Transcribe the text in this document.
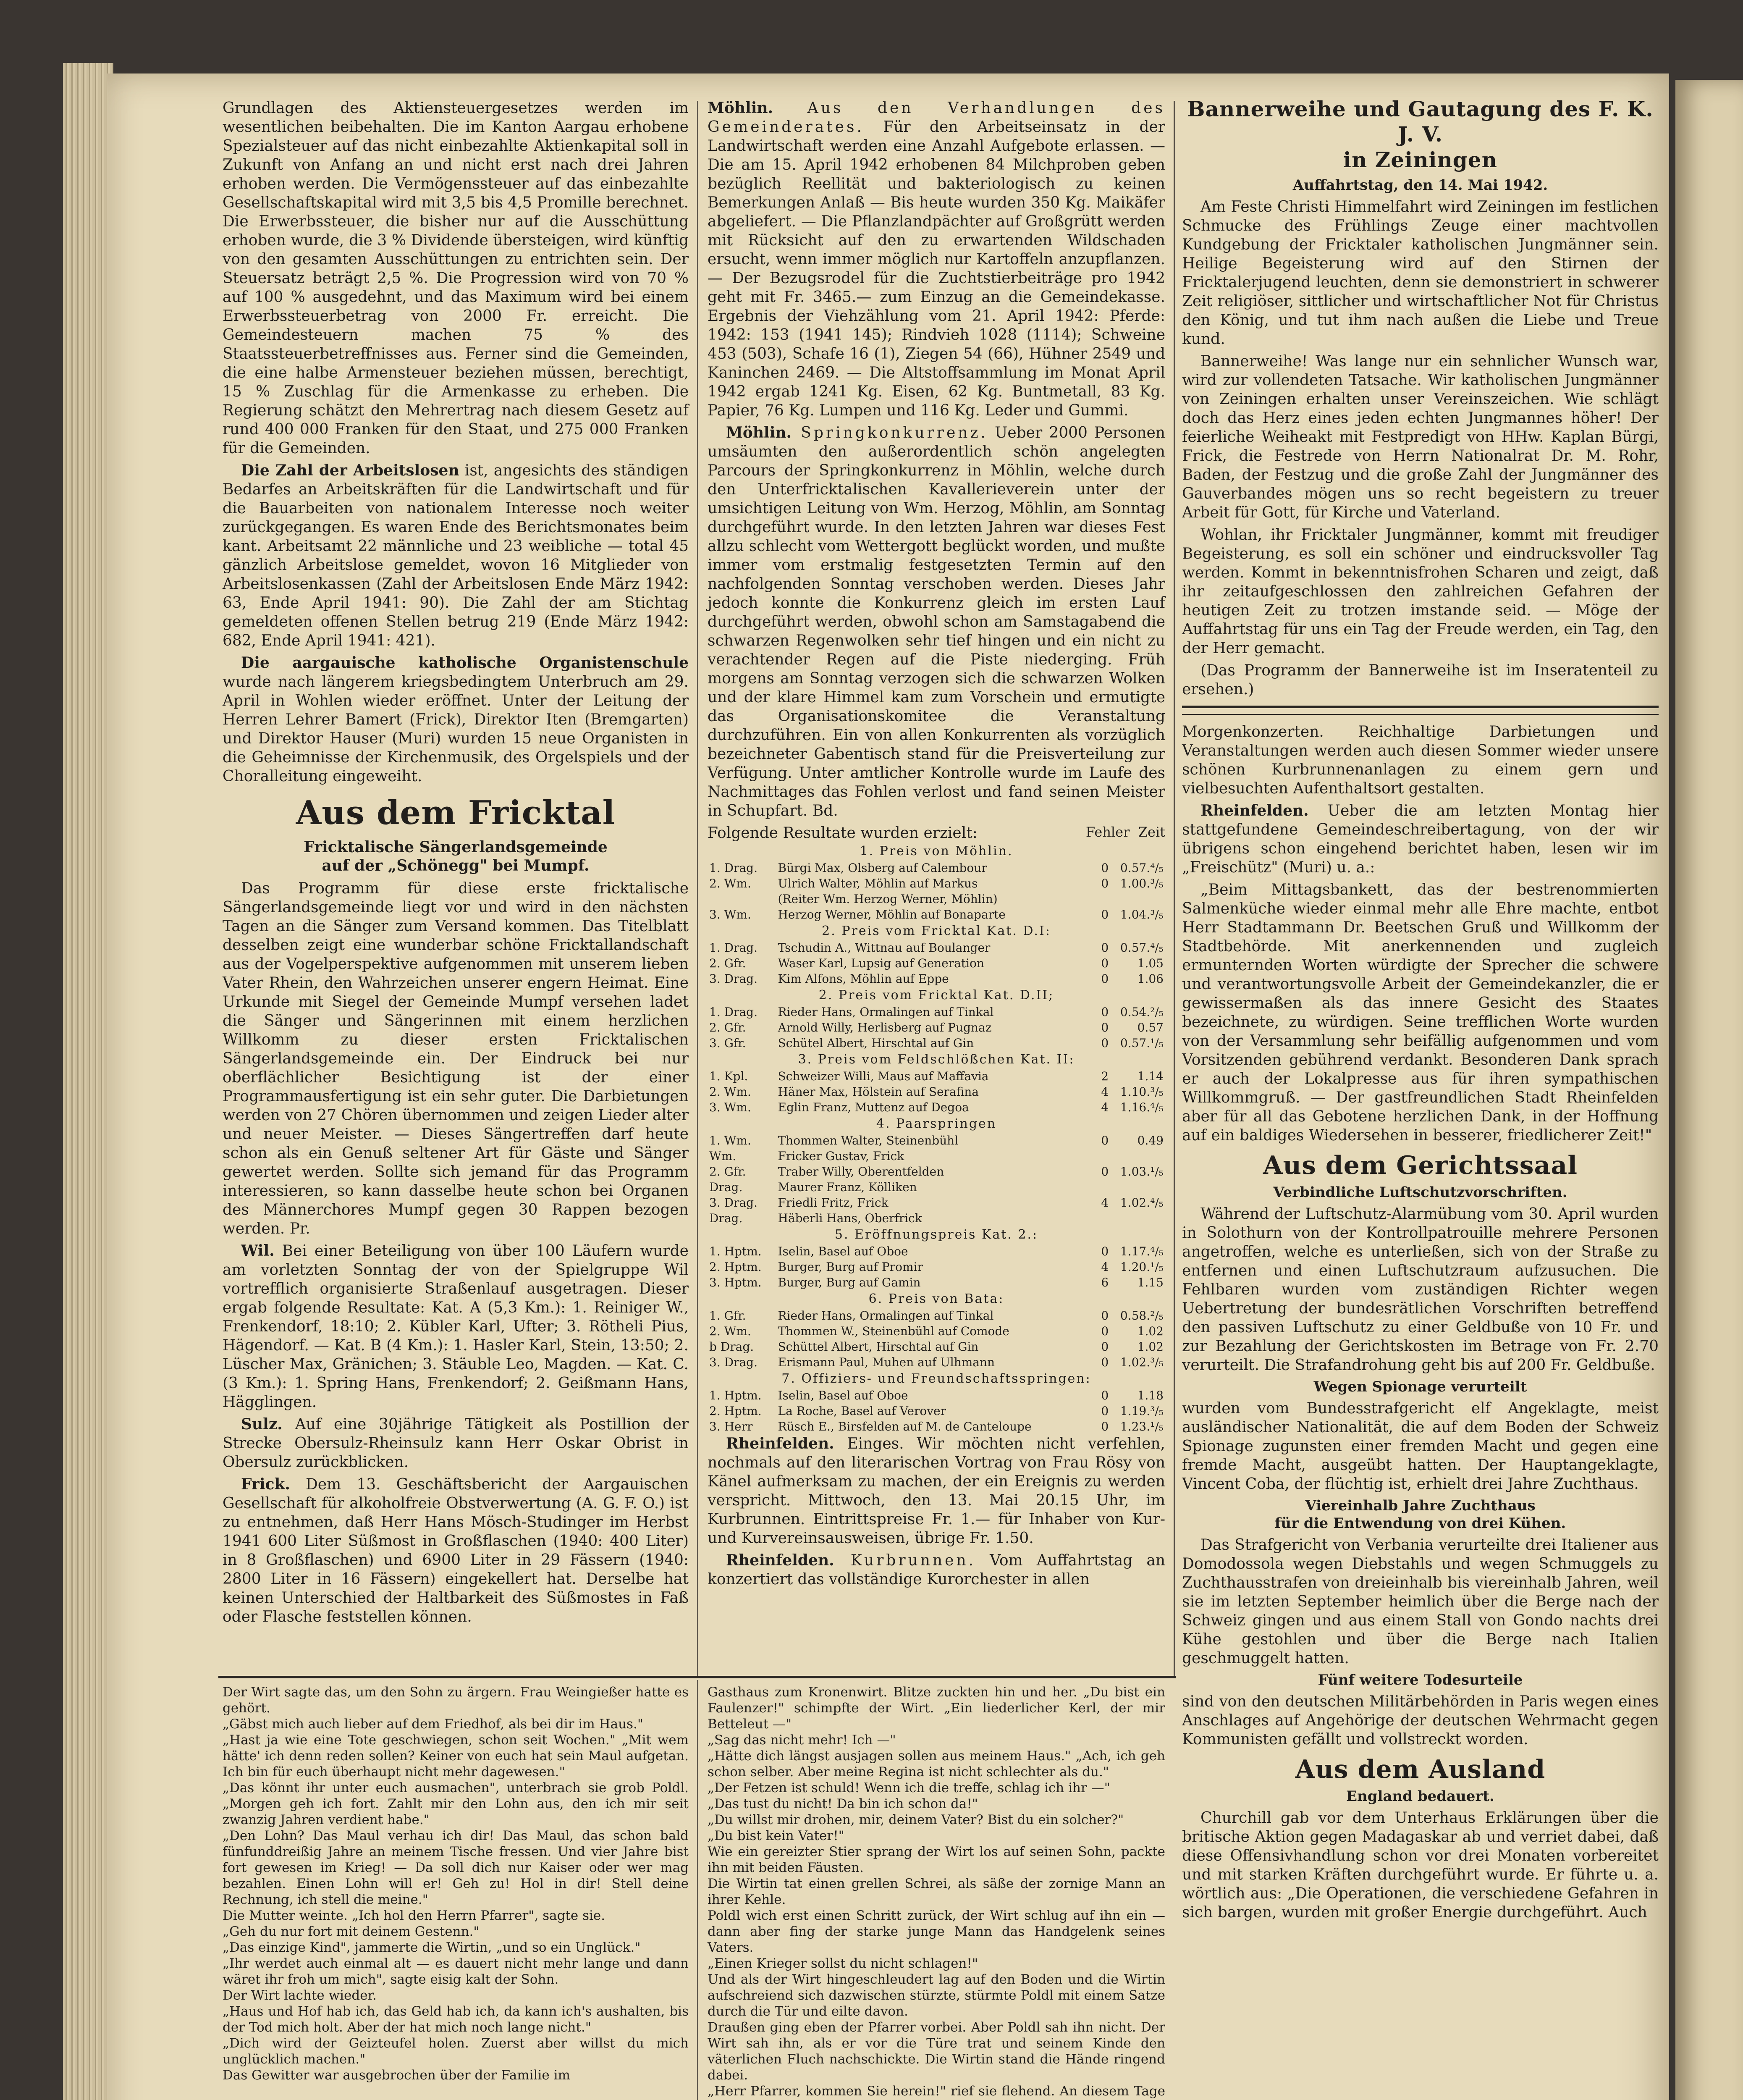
Grundlagen des Aktiensteuergesetzes werden im wesentlichen beibehalten. Die im Kanton Aargau erhobene Spezialsteuer auf das nicht einbezahlte Aktienkapital soll in Zukunft von Anfang an und nicht erst nach drei Jahren erhoben werden. Die Vermögenssteuer auf das einbezahlte Gesellschaftskapital wird mit 3,5 bis 4,5 Promille berechnet. Die Erwerbssteuer, die bisher nur auf die Ausschüttung erhoben wurde, die 3 % Dividende übersteigen, wird künftig von den gesamten Ausschüttungen zu entrichten sein. Der Steuersatz beträgt 2,5 %. Die Progression wird von 70 % auf 100 % ausgedehnt, und das Maximum wird bei einem Erwerbssteuerbetrag von 2000 Fr. erreicht. Die Gemeindesteuern machen 75 % des Staatssteuerbetreffnisses aus. Ferner sind die Gemeinden, die eine halbe Armensteuer beziehen müssen, berechtigt, 15 % Zuschlag für die Armenkasse zu erheben. Die Regierung schätzt den Mehrertrag nach diesem Gesetz auf rund 400 000 Franken für den Staat, und 275 000 Franken für die Gemeinden.

Die Zahl der Arbeitslosen ist, angesichts des ständigen Bedarfes an Arbeitskräften für die Landwirtschaft und für die Bauarbeiten von nationalem Interesse noch weiter zurückgegangen. Es waren Ende des Berichtsmonates beim kant. Arbeitsamt 22 männliche und 23 weibliche — total 45 gänzlich Arbeitslose gemeldet, wovon 16 Mitglieder von Arbeitslosenkassen (Zahl der Arbeitslosen Ende März 1942: 63, Ende April 1941: 90). Die Zahl der am Stichtag gemeldeten offenen Stellen betrug 219 (Ende März 1942: 682, Ende April 1941: 421).

Die aargauische katholische Organistenschule wurde nach längerem kriegsbedingtem Unterbruch am 29. April in Wohlen wieder eröffnet. Unter der Leitung der Herren Lehrer Bamert (Frick), Direktor Iten (Bremgarten) und Direktor Hauser (Muri) wurden 15 neue Organisten in die Geheimnisse der Kirchenmusik, des Orgelspiels und der Choralleitung eingeweiht.

Aus dem Fricktal
Fricktalische Sängerlandsgemeinde
auf der „Schönegg" bei Mumpf.

Das Programm für diese erste fricktalische Sängerlandsgemeinde liegt vor und wird in den nächsten Tagen an die Sänger zum Versand kommen. Das Titelblatt desselben zeigt eine wunderbar schöne Fricktallandschaft aus der Vogelperspektive aufgenommen mit unserem lieben Vater Rhein, den Wahrzeichen unserer engern Heimat. Eine Urkunde mit Siegel der Gemeinde Mumpf versehen ladet die Sänger und Sängerinnen mit einem herzlichen Willkomm zu dieser ersten Fricktalischen Sängerlandsgemeinde ein. Der Eindruck bei nur oberflächlicher Besichtigung ist der einer Programmausfertigung ist ein sehr guter. Die Darbietungen werden von 27 Chören übernommen und zeigen Lieder alter und neuer Meister. — Dieses Sängertreffen darf heute schon als ein Genuß seltener Art für Gäste und Sänger gewertet werden. Sollte sich jemand für das Programm interessieren, so kann dasselbe heute schon bei Organen des Männerchores Mumpf gegen 30 Rappen bezogen werden. Pr.

Wil. Bei einer Beteiligung von über 100 Läufern wurde am vorletzten Sonntag der von der Spielgruppe Wil vortrefflich organisierte Straßenlauf ausgetragen. Dieser ergab folgende Resultate: Kat. A (5,3 Km.): 1. Reiniger W., Frenkendorf, 18:10; 2. Kübler Karl, Ufter; 3. Rötheli Pius, Hägendorf. — Kat. B (4 Km.): 1. Hasler Karl, Stein, 13:50; 2. Lüscher Max, Gränichen; 3. Stäuble Leo, Magden. — Kat. C. (3 Km.): 1. Spring Hans, Frenkendorf; 2. Geißmann Hans, Hägglingen.

Sulz. Auf eine 30jährige Tätigkeit als Postillion der Strecke Obersulz-Rheinsulz kann Herr Oskar Obrist in Obersulz zurückblicken.

Frick. Dem 13. Geschäftsbericht der Aargauischen Gesellschaft für alkoholfreie Obstverwertung (A. G. F. O.) ist zu entnehmen, daß Herr Hans Mösch-Studinger im Herbst 1941 600 Liter Süßmost in Großflaschen (1940: 400 Liter) in 8 Großflaschen) und 6900 Liter in 29 Fässern (1940: 2800 Liter in 16 Fässern) eingekellert hat. Derselbe hat keinen Unterschied der Haltbarkeit des Süßmostes in Faß oder Flasche feststellen können.

Möhlin. Aus den Verhandlungen des Gemeinderates. Für den Arbeitseinsatz in der Landwirtschaft werden eine Anzahl Aufgebote erlassen. — Die am 15. April 1942 erhobenen 84 Milchproben geben bezüglich Reellität und bakteriologisch zu keinen Bemerkungen Anlaß — Bis heute wurden 350 Kg. Maikäfer abgeliefert. — Die Pflanzlandpächter auf Großgrütt werden mit Rücksicht auf den zu erwartenden Wildschaden ersucht, wenn immer möglich nur Kartoffeln anzupflanzen. — Der Bezugsrodel für die Zuchtstierbeiträge pro 1942 geht mit Fr. 3465.— zum Einzug an die Gemeindekasse. Ergebnis der Viehzählung vom 21. April 1942: Pferde: 1942: 153 (1941 145); Rindvieh 1028 (1114); Schweine 453 (503), Schafe 16 (1), Ziegen 54 (66), Hühner 2549 und Kaninchen 2469. — Die Altstoffsammlung im Monat April 1942 ergab 1241 Kg. Eisen, 62 Kg. Buntmetall, 83 Kg. Papier, 76 Kg. Lumpen und 116 Kg. Leder und Gummi.

Möhlin. Springkonkurrenz. Ueber 2000 Personen umsäumten den außerordentlich schön angelegten Parcours der Springkonkurrenz in Möhlin, welche durch den Unterfricktalischen Kavallerieverein unter der umsichtigen Leitung von Wm. Herzog, Möhlin, am Sonntag durchgeführt wurde. In den letzten Jahren war dieses Fest allzu schlecht vom Wettergott beglückt worden, und mußte immer vom erstmalig festgesetzten Termin auf den nachfolgenden Sonntag verschoben werden. Dieses Jahr jedoch konnte die Konkurrenz gleich im ersten Lauf durchgeführt werden, obwohl schon am Samstagabend die schwarzen Regenwolken sehr tief hingen und ein nicht zu verachtender Regen auf die Piste niederging. Früh morgens am Sonntag verzogen sich die schwarzen Wolken und der klare Himmel kam zum Vorschein und ermutigte das Organisationskomitee die Veranstaltung durchzuführen. Ein von allen Konkurrenten als vorzüglich bezeichneter Gabentisch stand für die Preisverteilung zur Verfügung. Unter amtlicher Kontrolle wurde im Laufe des Nachmittages das Fohlen verlost und fand seinen Meister in Schupfart. Bd.

Folgende Resultate wurden erzielt:	Fehler Zeit
1. Preis von Möhlin.
1. Drag.	Bürgi Max, Olsberg auf Calembour	0	0.57.⁴/₅
2. Wm.	Ulrich Walter, Möhlin auf Markus	0	1.00.³/₅
	(Reiter Wm. Herzog Werner, Möhlin)		
3. Wm.	Herzog Werner, Möhlin auf Bonaparte	0	1.04.³/₅
2. Preis vom Fricktal Kat. D.I:
1. Drag.	Tschudin A., Wittnau auf Boulanger	0	0.57.⁴/₅
2. Gfr.	Waser Karl, Lupsig auf Generation	0	1.05
3. Drag.	Kim Alfons, Möhlin auf Eppe	0	1.06
2. Preis vom Fricktal Kat. D.II;
1. Drag.	Rieder Hans, Ormalingen auf Tinkal	0	0.54.²/₅
2. Gfr.	Arnold Willy, Herlisberg auf Pugnaz	0	0.57
3. Gfr.	Schütel Albert, Hirschtal auf Gin	0	0.57.¹/₅
3. Preis vom Feldschlößchen Kat. II:
1. Kpl.	Schweizer Willi, Maus auf Maffavia	2	1.14
2. Wm.	Häner Max, Hölstein auf Serafina	4	1.10.³/₅
3. Wm.	Eglin Franz, Muttenz auf Degoa	4	1.16.⁴/₅
4. Paarspringen
1. Wm.	Thommen Walter, Steinenbühl	0	0.49
Wm.	Fricker Gustav, Frick		
2. Gfr.	Traber Willy, Oberentfelden	0	1.03.¹/₅
Drag.	Maurer Franz, Kölliken		
3. Drag.	Friedli Fritz, Frick	4	1.02.⁴/₅
Drag.	Häberli Hans, Oberfrick		
5. Eröffnungspreis Kat. 2.:
1. Hptm.	Iselin, Basel auf Oboe	0	1.17.⁴/₅
2. Hptm.	Burger, Burg auf Promir	4	1.20.¹/₅
3. Hptm.	Burger, Burg auf Gamin	6	1.15
6. Preis von Bata:
1. Gfr.	Rieder Hans, Ormalingen auf Tinkal	0	0.58.²/₅
2. Wm.	Thommen W., Steinenbühl auf Comode	0	1.02
b Drag.	Schüttel Albert, Hirschtal auf Gin	0	1.02
3. Drag.	Erismann Paul, Muhen auf Ulhmann	0	1.02.³/₅
7. Offiziers- und Freundschaftsspringen:
1. Hptm.	Iselin, Basel auf Oboe	0	1.18
2. Hptm.	La Roche, Basel auf Verover	0	1.19.³/₅
3. Herr	Rüsch E., Birsfelden auf M. de Canteloupe	0	1.23.¹/₅

Rheinfelden. Einges. Wir möchten nicht verfehlen, nochmals auf den literarischen Vortrag von Frau Rösy von Känel aufmerksam zu machen, der ein Ereignis zu werden verspricht. Mittwoch, den 13. Mai 20.15 Uhr, im Kurbrunnen. Eintrittspreise Fr. 1.— für Inhaber von Kur- und Kurvereinsausweisen, übrige Fr. 1.50.

Rheinfelden. Kurbrunnen. Vom Auffahrtstag an konzertiert das vollständige Kurorchester in allen

Bannerweihe und Gautagung des F. K. J. V.
in Zeiningen
Auffahrtstag, den 14. Mai 1942.

Am Feste Christi Himmelfahrt wird Zeiningen im festlichen Schmucke des Frühlings Zeuge einer machtvollen Kundgebung der Fricktaler katholischen Jungmänner sein. Heilige Begeisterung wird auf den Stirnen der Fricktalerjugend leuchten, denn sie demonstriert in schwerer Zeit religiöser, sittlicher und wirtschaftlicher Not für Christus den König, und tut ihm nach außen die Liebe und Treue kund.

Bannerweihe! Was lange nur ein sehnlicher Wunsch war, wird zur vollendeten Tatsache. Wir katholischen Jungmänner von Zeiningen erhalten unser Vereinszeichen. Wie schlägt doch das Herz eines jeden echten Jungmannes höher! Der feierliche Weiheakt mit Festpredigt von HHw. Kaplan Bürgi, Frick, die Festrede von Herrn Nationalrat Dr. M. Rohr, Baden, der Festzug und die große Zahl der Jungmänner des Gauverbandes mögen uns so recht begeistern zu treuer Arbeit für Gott, für Kirche und Vaterland.

Wohlan, ihr Fricktaler Jungmänner, kommt mit freudiger Begeisterung, es soll ein schöner und eindrucksvoller Tag werden. Kommt in bekenntnisfrohen Scharen und zeigt, daß ihr zeitaufgeschlossen den zahlreichen Gefahren der heutigen Zeit zu trotzen imstande seid. — Möge der Auffahrtstag für uns ein Tag der Freude werden, ein Tag, den der Herr gemacht.

(Das Programm der Bannerweihe ist im Inseratenteil zu ersehen.)

Morgenkonzerten. Reichhaltige Darbietungen und Veranstaltungen werden auch diesen Sommer wieder unsere schönen Kurbrunnenanlagen zu einem gern und vielbesuchten Aufenthaltsort gestalten.

Rheinfelden. Ueber die am letzten Montag hier stattgefundene Gemeindeschreibertagung, von der wir übrigens schon eingehend berichtet haben, lesen wir im „Freischütz" (Muri) u. a.:

„Beim Mittagsbankett, das der bestrenommierten Salmenküche wieder einmal mehr alle Ehre machte, entbot Herr Stadtammann Dr. Beetschen Gruß und Willkomm der Stadtbehörde. Mit anerkennenden und zugleich ermunternden Worten würdigte der Sprecher die schwere und verantwortungsvolle Arbeit der Gemeindekanzler, die er gewissermaßen als das innere Gesicht des Staates bezeichnete, zu würdigen. Seine trefflichen Worte wurden von der Versammlung sehr beifällig aufgenommen und vom Vorsitzenden gebührend verdankt. Besonderen Dank sprach er auch der Lokalpresse aus für ihren sympathischen Willkommgruß. — Der gastfreundlichen Stadt Rheinfelden aber für all das Gebotene herzlichen Dank, in der Hoffnung auf ein baldiges Wiedersehen in besserer, friedlicherer Zeit!"

Aus dem Gerichtssaal
Verbindliche Luftschutzvorschriften.

Während der Luftschutz-Alarmübung vom 30. April wurden in Solothurn von der Kontrollpatrouille mehrere Personen angetroffen, welche es unterließen, sich von der Straße zu entfernen und einen Luftschutzraum aufzusuchen. Die Fehlbaren wurden vom zuständigen Richter wegen Uebertretung der bundesrätlichen Vorschriften betreffend den passiven Luftschutz zu einer Geldbuße von 10 Fr. und zur Bezahlung der Gerichtskosten im Betrage von Fr. 2.70 verurteilt. Die Strafandrohung geht bis auf 200 Fr. Geldbuße.

Wegen Spionage verurteilt

wurden vom Bundesstrafgericht elf Angeklagte, meist ausländischer Nationalität, die auf dem Boden der Schweiz Spionage zugunsten einer fremden Macht und gegen eine fremde Macht, ausgeübt hatten. Der Hauptangeklagte, Vincent Coba, der flüchtig ist, erhielt drei Jahre Zuchthaus.

Viereinhalb Jahre Zuchthaus
für die Entwendung von drei Kühen.

Das Strafgericht von Verbania verurteilte drei Italiener aus Domodossola wegen Diebstahls und wegen Schmuggels zu Zuchthausstrafen von dreieinhalb bis viereinhalb Jahren, weil sie im letzten September heimlich über die Berge nach der Schweiz gingen und aus einem Stall von Gondo nachts drei Kühe gestohlen und über die Berge nach Italien geschmuggelt hatten.

Fünf weitere Todesurteile

sind von den deutschen Militärbehörden in Paris wegen eines Anschlages auf Angehörige der deutschen Wehrmacht gegen Kommunisten gefällt und vollstreckt worden.

Aus dem Ausland
England bedauert.

Churchill gab vor dem Unterhaus Erklärungen über die britische Aktion gegen Madagaskar ab und verriet dabei, daß diese Offensivhandlung schon vor drei Monaten vorbereitet und mit starken Kräften durchgeführt wurde. Er führte u. a. wörtlich aus: „Die Operationen, die verschiedene Gefahren in sich bargen, wurden mit großer Energie durchgeführt. Auch

Der Wirt sagte das, um den Sohn zu ärgern. Frau Weingießer hatte es gehört.
„Gäbst mich auch lieber auf dem Friedhof, als bei dir im Haus."
„Hast ja wie eine Tote geschwiegen, schon seit Wochen." „Mit wem hätte' ich denn reden sollen? Keiner von euch hat sein Maul aufgetan. Ich bin für euch überhaupt nicht mehr dagewesen."
„Das könnt ihr unter euch ausmachen", unterbrach sie grob Poldl. „Morgen geh ich fort. Zahlt mir den Lohn aus, den ich mir seit zwanzig Jahren verdient habe."
„Den Lohn? Das Maul verhau ich dir! Das Maul, das schon bald fünfunddreißig Jahre an meinem Tische fressen. Und vier Jahre bist fort gewesen im Krieg! — Da soll dich nur Kaiser oder wer mag bezahlen. Einen Lohn will er! Geh zu! Hol in dir! Stell deine Rechnung, ich stell die meine."
Die Mutter weinte. „Ich hol den Herrn Pfarrer", sagte sie.
„Geh du nur fort mit deinem Gestenn."
„Das einzige Kind", jammerte die Wirtin, „und so ein Unglück."
„Ihr werdet auch einmal alt — es dauert nicht mehr lange und dann wäret ihr froh um mich", sagte eisig kalt der Sohn.
Der Wirt lachte wieder.
„Haus und Hof hab ich, das Geld hab ich, da kann ich's aushalten, bis der Tod mich holt. Aber der hat mich noch lange nicht."
„Dich wird der Geizteufel holen. Zuerst aber willst du mich unglücklich machen."
Das Gewitter war ausgebrochen über der Familie im
Gasthaus zum Kronenwirt. Blitze zuckten hin und her. „Du bist ein Faulenzer!" schimpfte der Wirt. „Ein liederlicher Kerl, der mir Betteleut —"
„Sag das nicht mehr! Ich —"
„Hätte dich längst ausjagen sollen aus meinem Haus." „Ach, ich geh schon selber. Aber meine Regina ist nicht schlechter als du."
„Der Fetzen ist schuld! Wenn ich die treffe, schlag ich ihr —"
„Das tust du nicht! Da bin ich schon da!"
„Du willst mir drohen, mir, deinem Vater? Bist du ein solcher?"
„Du bist kein Vater!"
Wie ein gereizter Stier sprang der Wirt los auf seinen Sohn, packte ihn mit beiden Fäusten.
Die Wirtin tat einen grellen Schrei, als säße der zornige Mann an ihrer Kehle.
Poldl wich erst einen Schritt zurück, der Wirt schlug auf ihn ein — dann aber fing der starke junge Mann das Handgelenk seines Vaters.
„Einen Krieger sollst du nicht schlagen!"
Und als der Wirt hingeschleudert lag auf den Boden und die Wirtin aufschreiend sich dazwischen stürzte, stürmte Poldl mit einem Satze durch die Tür und eilte davon.
Draußen ging eben der Pfarrer vorbei. Aber Poldl sah ihn nicht. Der Wirt sah ihn, als er vor die Türe trat und seinem Kinde den väterlichen Fluch nachschickte. Die Wirtin stand die Hände ringend dabei.
„Herr Pfarrer, kommen Sie herein!" rief sie flehend. An diesem Tage
